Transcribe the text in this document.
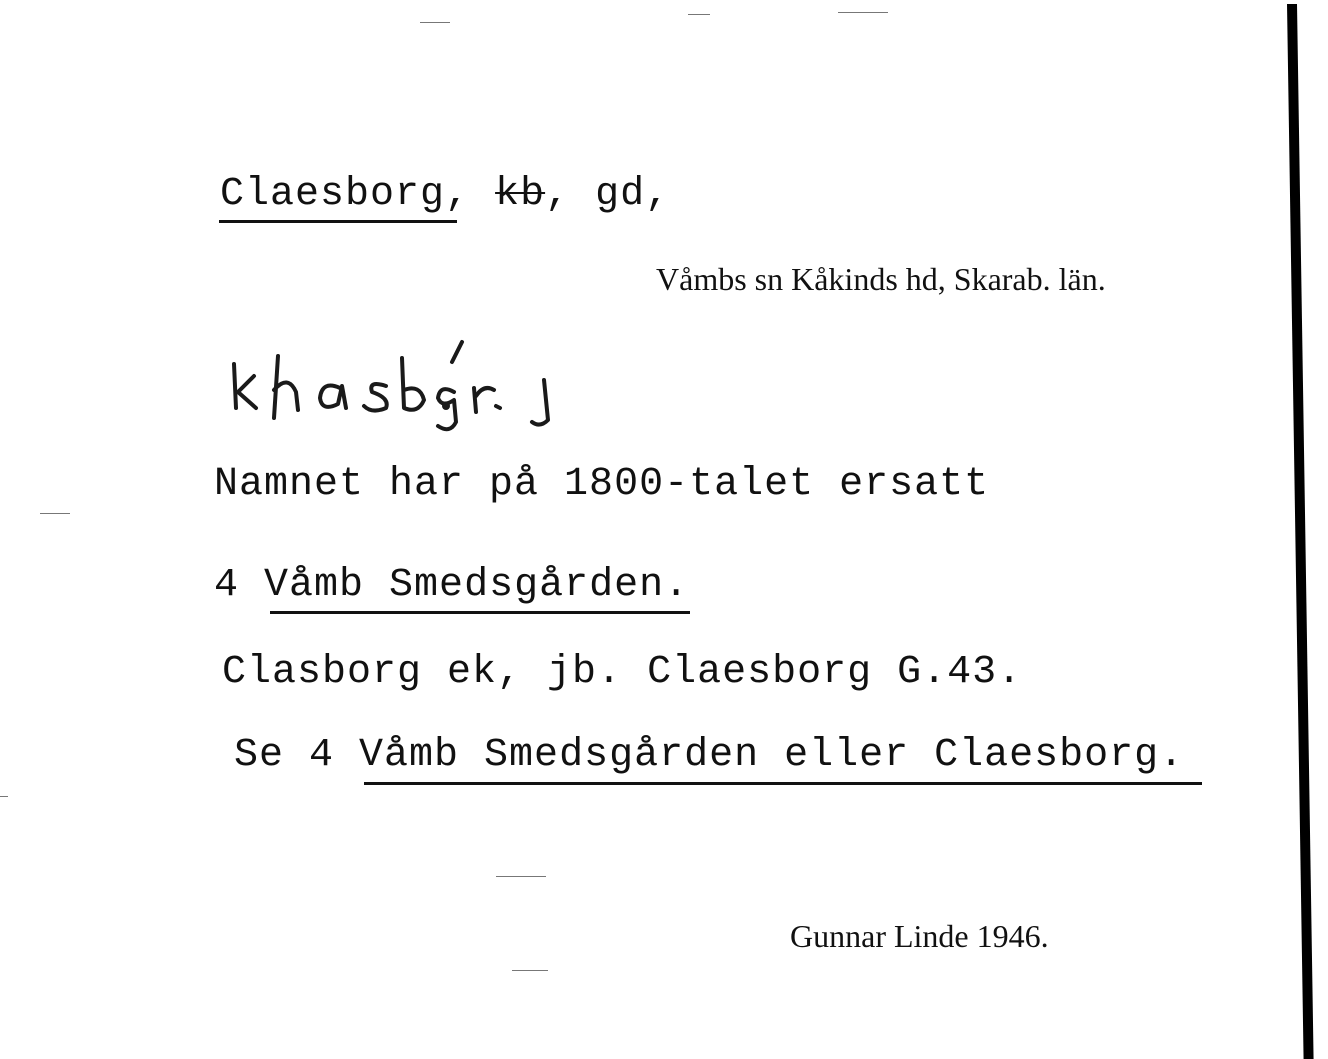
Claesborg, kb, gd,
Våmbs sn Kåkinds hd, Skarab. län.
Namnet har på 1800-talet ersatt
4 Våmb Smedsgården.
Clasborg ek, jb. Claesborg G.43.
Se 4 Våmb Smedsgården eller Claesborg.
Gunnar Linde 1946.
